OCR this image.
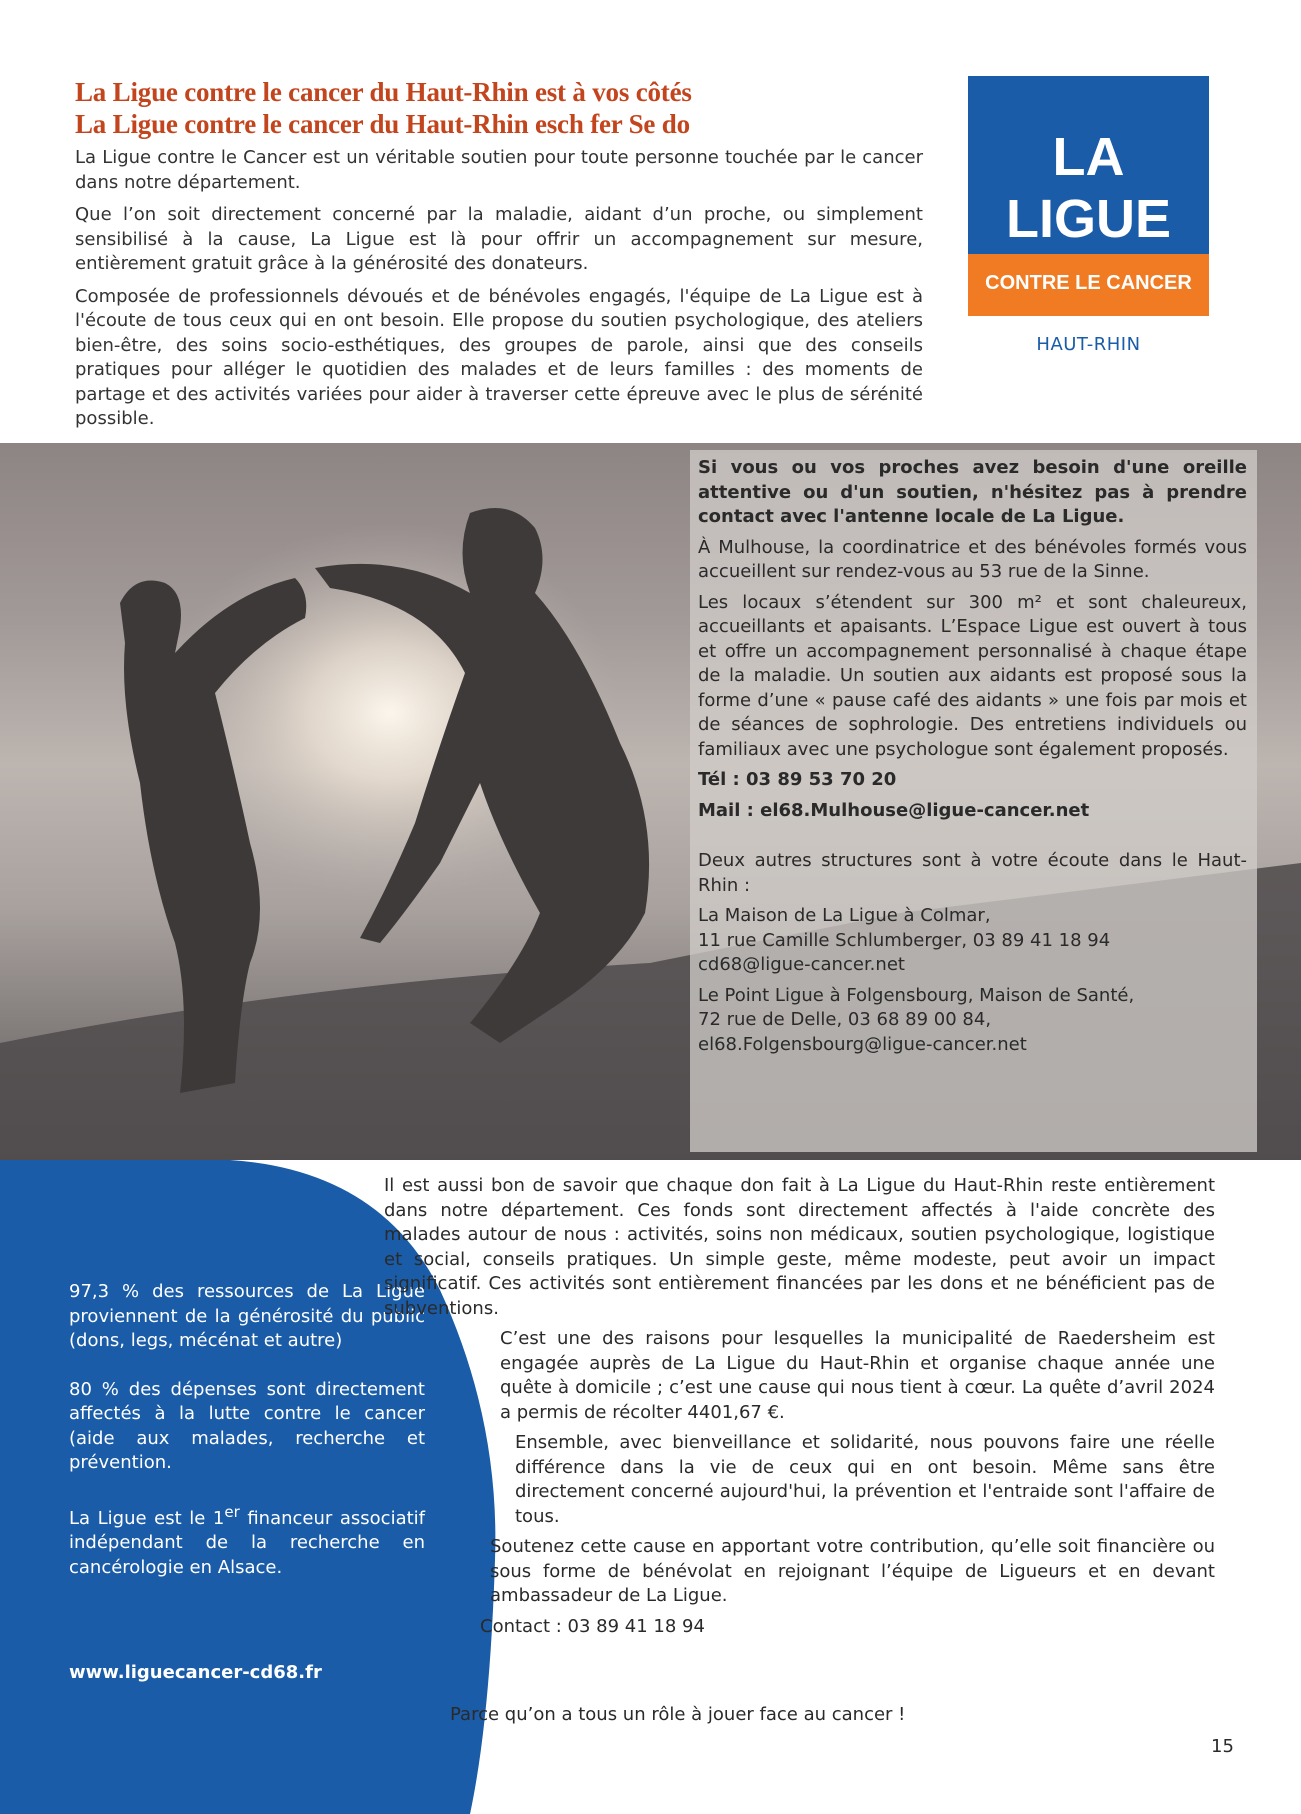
La Ligue contre le cancer du Haut-Rhin est à vos côtés
La Ligue contre le cancer du Haut-Rhin esch fer Se do

La Ligue contre le Cancer est un véritable soutien pour toute personne touchée par le cancer dans notre département.

Que l’on soit directement concerné par la maladie, aidant d’un proche, ou simplement sensibilisé à la cause, La Ligue est là pour offrir un accompagnement sur mesure, entièrement gratuit grâce à la générosité des donateurs.

Composée de professionnels dévoués et de bénévoles engagés, l'équipe de La Ligue est à l'écoute de tous ceux qui en ont besoin. Elle propose du soutien psychologique, des ateliers bien-être, des soins socio-esthétiques, des groupes de parole, ainsi que des conseils pratiques pour alléger le quotidien des malades et de leurs familles : des moments de partage et des activités variées pour aider à traverser cette épreuve avec le plus de sérénité possible.

LA LIGUE
CONTRE LE CANCER
HAUT-RHIN

Si vous ou vos proches avez besoin d'une oreille attentive ou d'un soutien, n'hésitez pas à prendre contact avec l'antenne locale de La Ligue.

À Mulhouse, la coordinatrice et des bénévoles formés vous accueillent sur rendez-vous au 53 rue de la Sinne.

Les locaux s’étendent sur 300 m² et sont chaleureux, accueillants et apaisants. L’Espace Ligue est ouvert à tous et offre un accompagnement personnalisé à chaque étape de la maladie. Un soutien aux aidants est proposé sous la forme d’une « pause café des aidants » une fois par mois et de séances de sophrologie. Des entretiens individuels ou familiaux avec une psychologue sont également proposés.

Tél : 03 89 53 70 20

Mail : el68.Mulhouse@ligue-cancer.net

Deux autres structures sont à votre écoute dans le Haut-Rhin :

La Maison de La Ligue à Colmar,

11 rue Camille Schlumberger, 03 89 41 18 94

cd68@ligue-cancer.net

Le Point Ligue à Folgensbourg, Maison de Santé,

72 rue de Delle, 03 68 89 00 84,

el68.Folgensbourg@ligue-cancer.net

97,3 % des ressources de La Ligue proviennent de la générosité du public (dons, legs, mécénat et autre)

80 % des dépenses sont directement affectés à la lutte contre le cancer (aide aux malades, recherche et prévention.

La Ligue est le 1er financeur associatif indépendant de la recherche en cancérologie en Alsace.

www.liguecancer-cd68.fr

Il est aussi bon de savoir que chaque don fait à La Ligue du Haut-Rhin reste entièrement dans notre département. Ces fonds sont directement affectés à l'aide concrète des malades autour de nous : activités, soins non médicaux, soutien psychologique, logistique et social, conseils pratiques. Un simple geste, même modeste, peut avoir un impact significatif. Ces activités sont entièrement financées par les dons et ne bénéficient pas de subventions.

C’est une des raisons pour lesquelles la municipalité de Raedersheim est engagée auprès de La Ligue du Haut-Rhin et organise chaque année une quête à domicile ; c’est une cause qui nous tient à cœur. La quête d’avril 2024 a permis de récolter 4401,67 €.

Ensemble, avec bienveillance et solidarité, nous pouvons faire une réelle différence dans la vie de ceux qui en ont besoin. Même sans être directement concerné aujourd'hui, la prévention et l'entraide sont l'affaire de tous.

Soutenez cette cause en apportant votre contribution, qu’elle soit financière ou sous forme de bénévolat en rejoignant l’équipe de Ligueurs et en devant ambassadeur de La Ligue.

Contact : 03 89 41 18 94

Parce qu’on a tous un rôle à jouer face au cancer !
15
